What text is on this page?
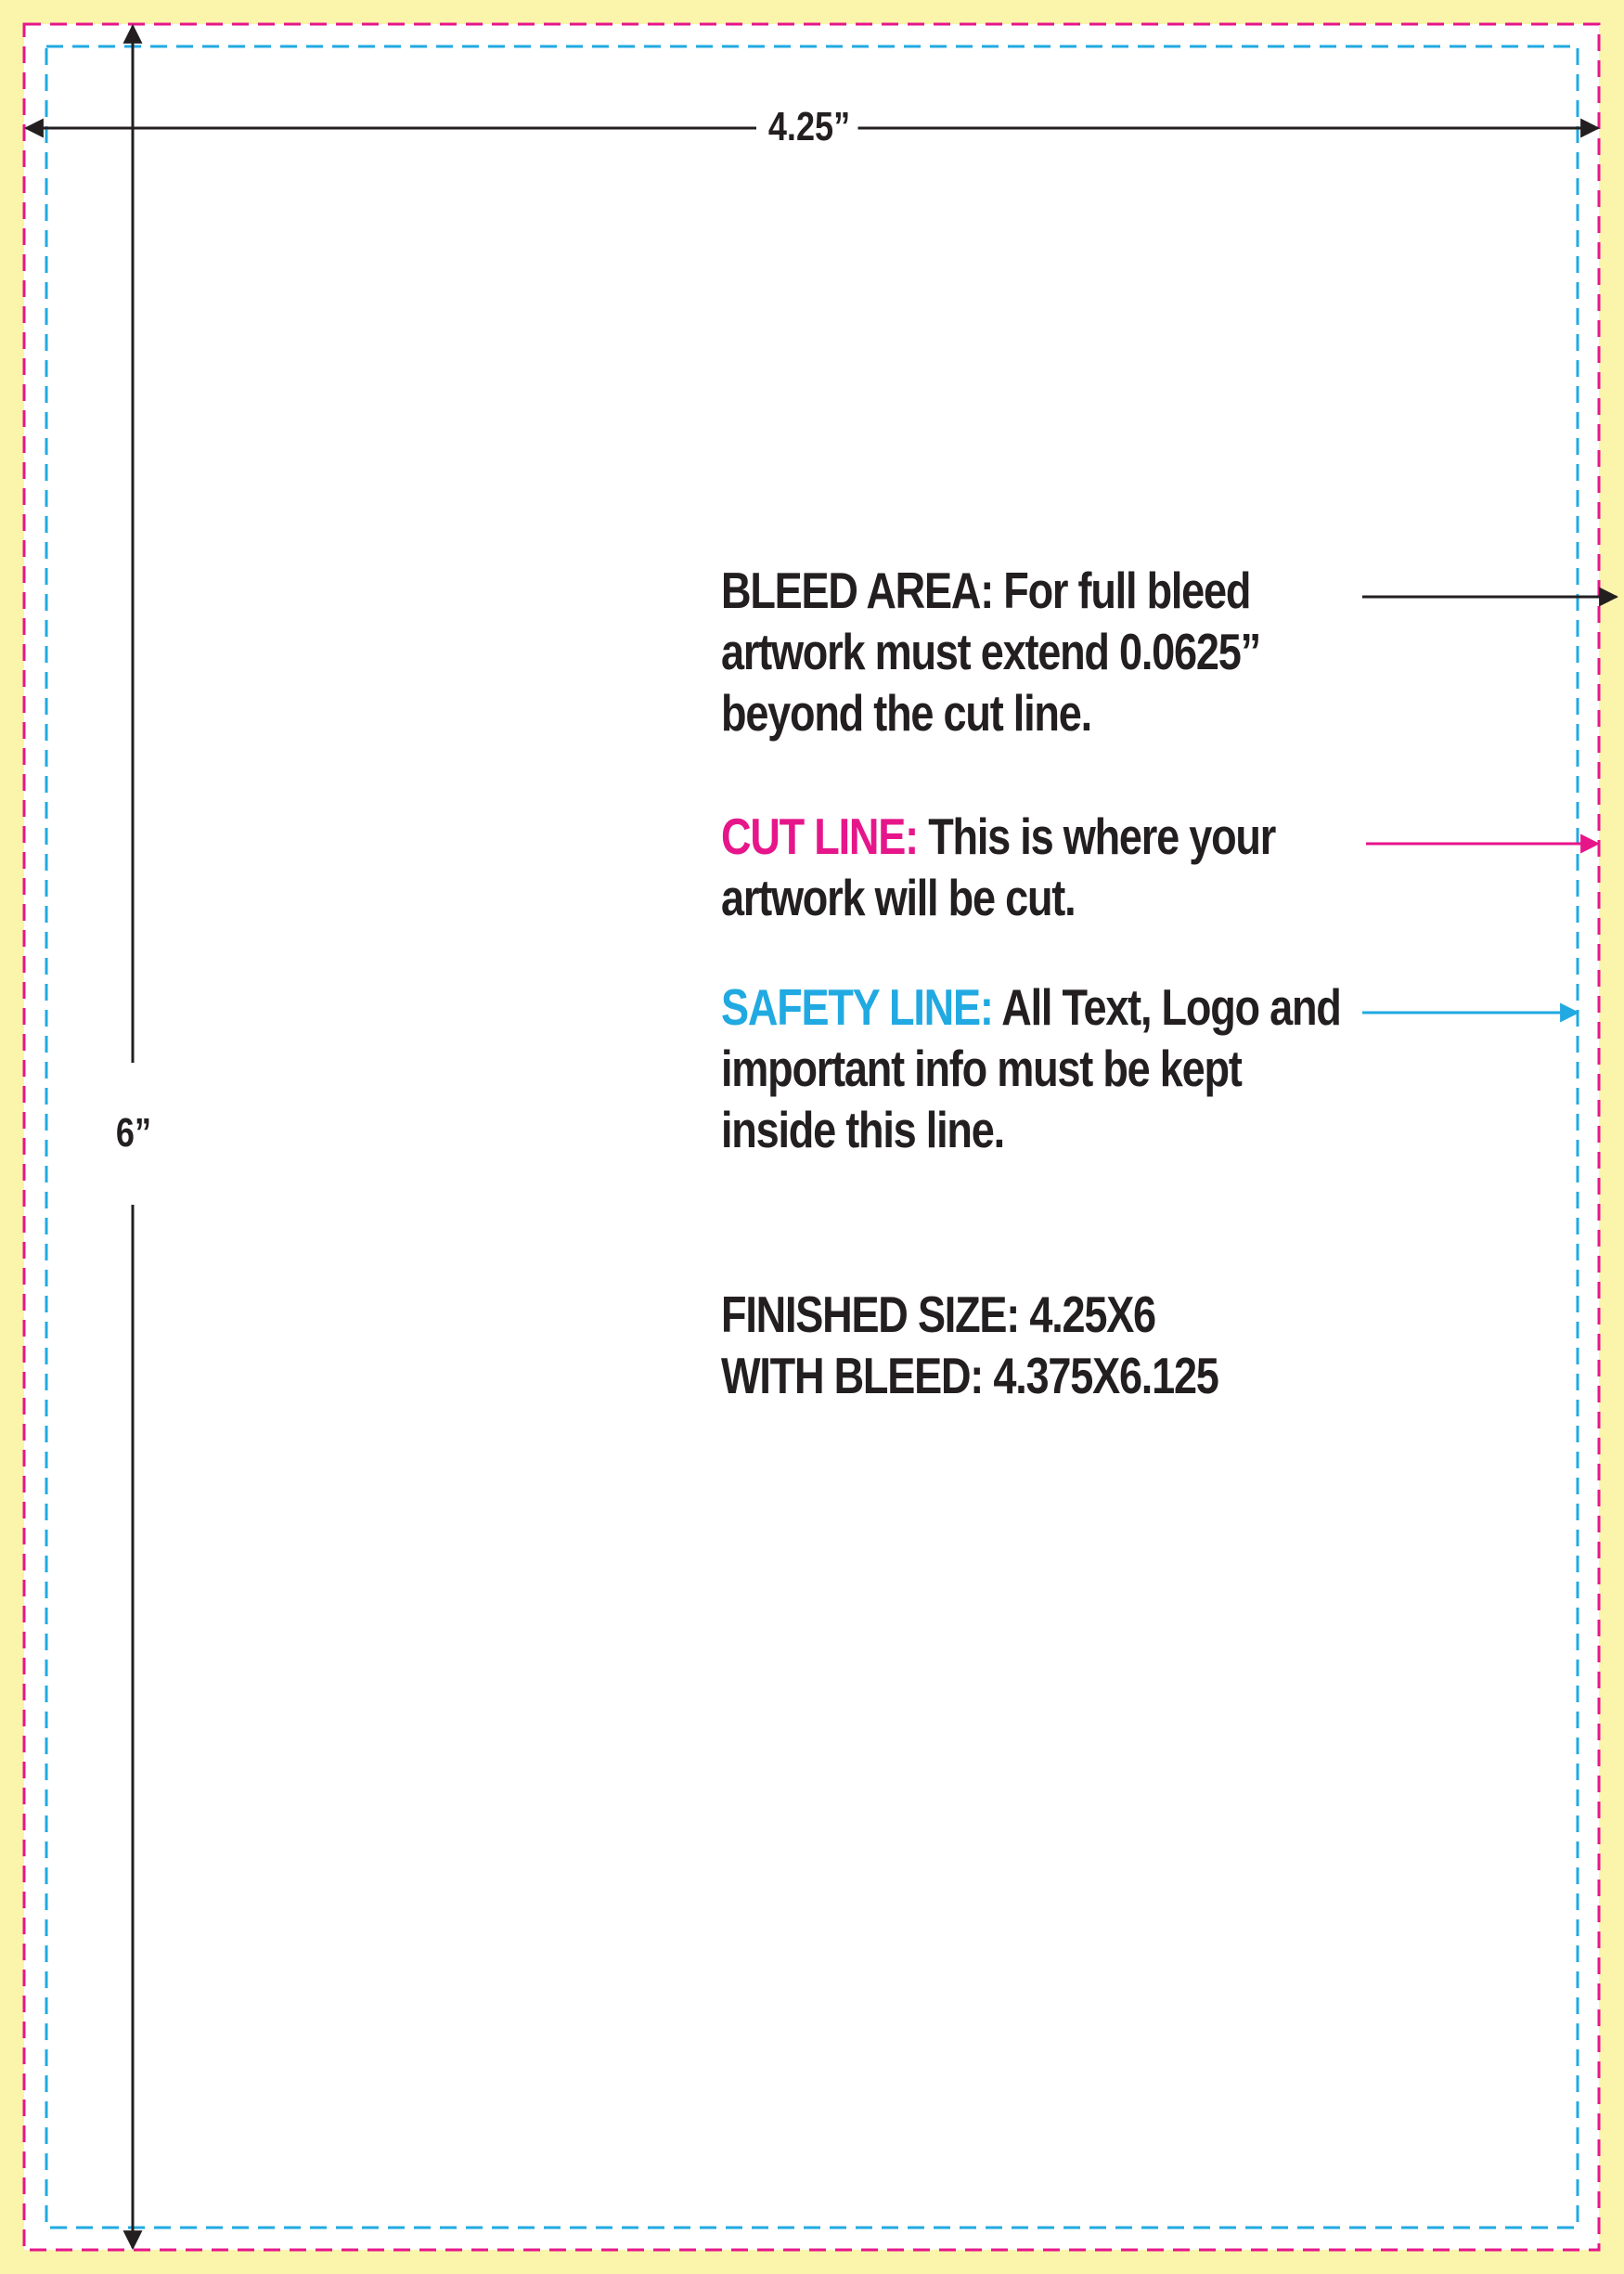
4.25”
6”
BLEED AREA: For full bleed
artwork must extend 0.0625”
beyond the cut line.
CUT LINE: This is where your
artwork will be cut.
SAFETY LINE: All Text, Logo and
important info must be kept
inside this line.
FINISHED SIZE: 4.25X6
WITH BLEED: 4.375X6.125
